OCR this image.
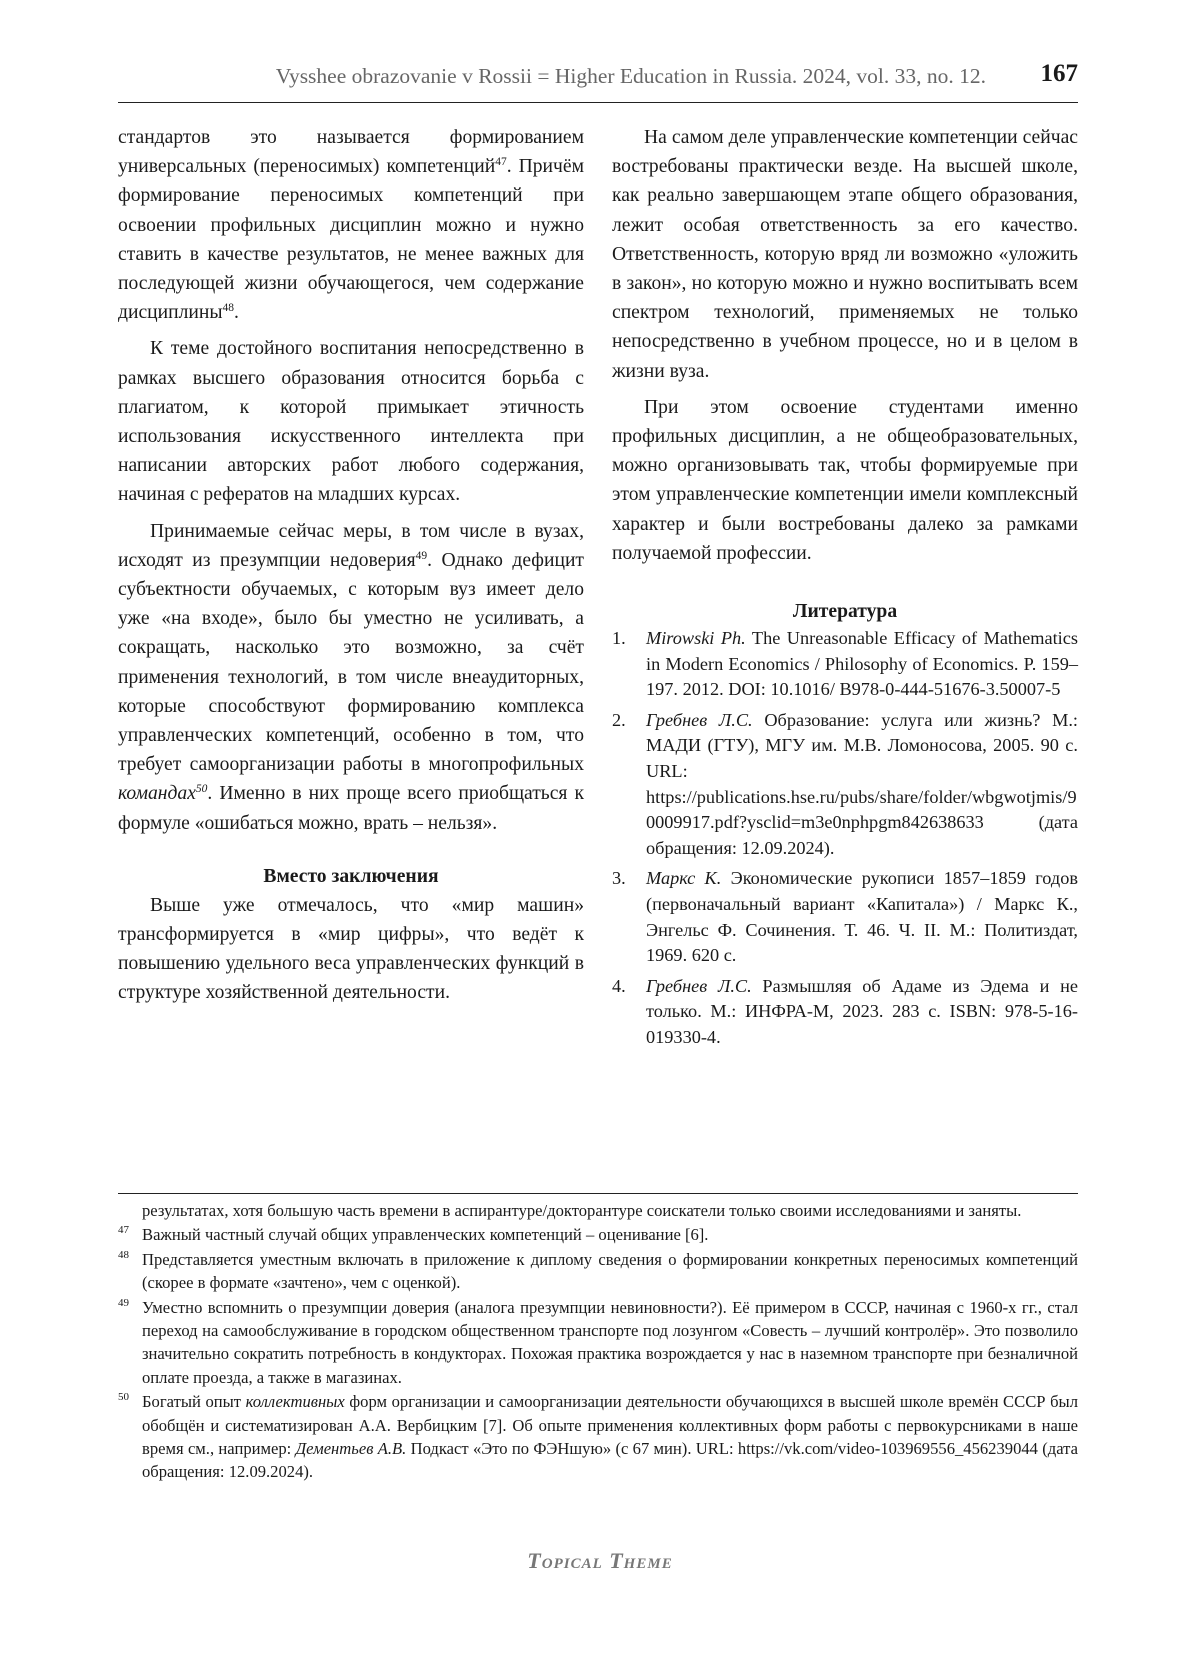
Vysshee obrazovanie v Rossii = Higher Education in Russia. 2024, vol. 33, no. 12. 167

стандартов это называется формированием универсальных (переносимых) компетенций$^{47}$. Причём формирование переносимых компетенций при освоении профильных дисциплин можно и нужно ставить в качестве результатов, не менее важных для последующей жизни обучающегося, чем содержание дисциплины$^{48}$.

К теме достойного воспитания непосредственно в рамках высшего образования относится борьба с плагиатом, к которой примыкает этичность использования искусственного интеллекта при написании авторских работ любого содержания, начиная с рефератов на младших курсах.

Принимаемые сейчас меры, в том числе в вузах, исходят из презумпции недоверия$^{49}$. Однако дефицит субъектности обучаемых, с которым вуз имеет дело уже «на входе», было бы уместно не усиливать, а сокращать, насколько это возможно, за счёт применения технологий, в том числе внеаудиторных, которые способствуют формированию комплекса управленческих компетенций, особенно в том, что требует самоорганизации работы в многопрофильных командах$^{50}$. Именно в них проще всего приобщаться к формуле «ошибаться можно, врать – нельзя».

Вместо заключения

Выше уже отмечалось, что «мир машин» трансформируется в «мир цифры», что ведёт к повышению удельного веса управленческих функций в структуре хозяйственной деятельности.

На самом деле управленческие компетенции сейчас востребованы практически везде. На высшей школе, как реально завершающем этапе общего образования, лежит особая ответственность за его качество. Ответственность, которую вряд ли возможно «уложить в закон», но которую можно и нужно воспитывать всем спектром технологий, применяемых не только непосредственно в учебном процессе, но и в целом в жизни вуза.

При этом освоение студентами именно профильных дисциплин, а не общеобразовательных, можно организовывать так, чтобы формируемые при этом управленческие компетенции имели комплексный характер и были востребованы далеко за рамками получаемой профессии.

Литература
1. Mirowski Ph. The Unreasonable Efficacy of Mathematics in Modern Economics / Philosophy of Economics. P. 159–197. 2012. DOI: 10.1016/ B978-0-444-51676-3.50007-5
2. Гребнев Л.С. Образование: услуга или жизнь? М.: МАДИ (ГТУ), МГУ им. М.В. Ломоносова, 2005. 90 с. URL: https://publications.hse.ru/pubs/share/folder/wbgwotjmis/90009917.pdf?ysclid=m3e0nphpgm842638633 (дата обращения: 12.09.2024).
3. Маркс К. Экономические рукописи 1857–1859 годов (первоначальный вариант «Капитала») / Маркс К., Энгельс Ф. Сочинения. Т. 46. Ч. II. М.: Политиздат, 1969. 620 с.
4. Гребнев Л.С. Размышляя об Адаме из Эдема и не только. М.: ИНФРА-М, 2023. 283 с. ISBN: 978-5-16-019330-4.
результатах, хотя большую часть времени в аспирантуре/докторантуре соискатели только своими исследованиями и заняты.
47 Важный частный случай общих управленческих компетенций – оценивание [6].
48 Представляется уместным включать в приложение к диплому сведения о формировании конкретных переносимых компетенций (скорее в формате «зачтено», чем с оценкой).
49 Уместно вспомнить о презумпции доверия (аналога презумпции невиновности?). Её примером в СССР, начиная с 1960-х гг., стал переход на самообслуживание в городском общественном транспорте под лозунгом «Совесть – лучший контролёр». Это позволило значительно сократить потребность в кондукторах. Похожая практика возрождается у нас в наземном транспорте при безналичной оплате проезда, а также в магазинах.
50 Богатый опыт коллективных форм организации и самоорганизации деятельности обучающихся в высшей школе времён СССР был обобщён и систематизирован А.А. Вербицким [7]. Об опыте применения коллективных форм работы с первокурсниками в наше время см., например: Дементьев А.В. Подкаст «Это по ФЭНшую» (с 67 мин). URL: https://vk.com/video-103969556_456239044 (дата обращения: 12.09.2024).
Topical Theme
